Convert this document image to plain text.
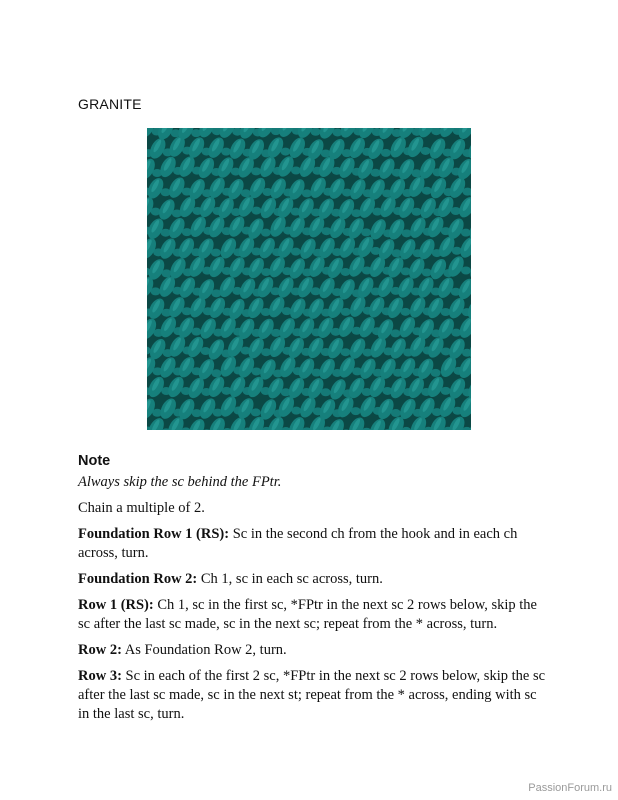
GRANITE
Note
Always skip the sc behind the FPtr.
Chain a multiple of 2.
Foundation Row 1 (RS): Sc in the second ch from the hook and in each ch across, turn.
Foundation Row 2: Ch 1, sc in each sc across, turn.
Row 1 (RS): Ch 1, sc in the first sc, *FPtr in the next sc 2 rows below, skip the sc after the last sc made, sc in the next sc; repeat from the * across, turn.
Row 2: As Foundation Row 2, turn.
Row 3: Sc in each of the first 2 sc, *FPtr in the next sc 2 rows below, skip the sc after the last sc made, sc in the next st; repeat from the * across, ending with sc in the last sc, turn.
PassionForum.ru
